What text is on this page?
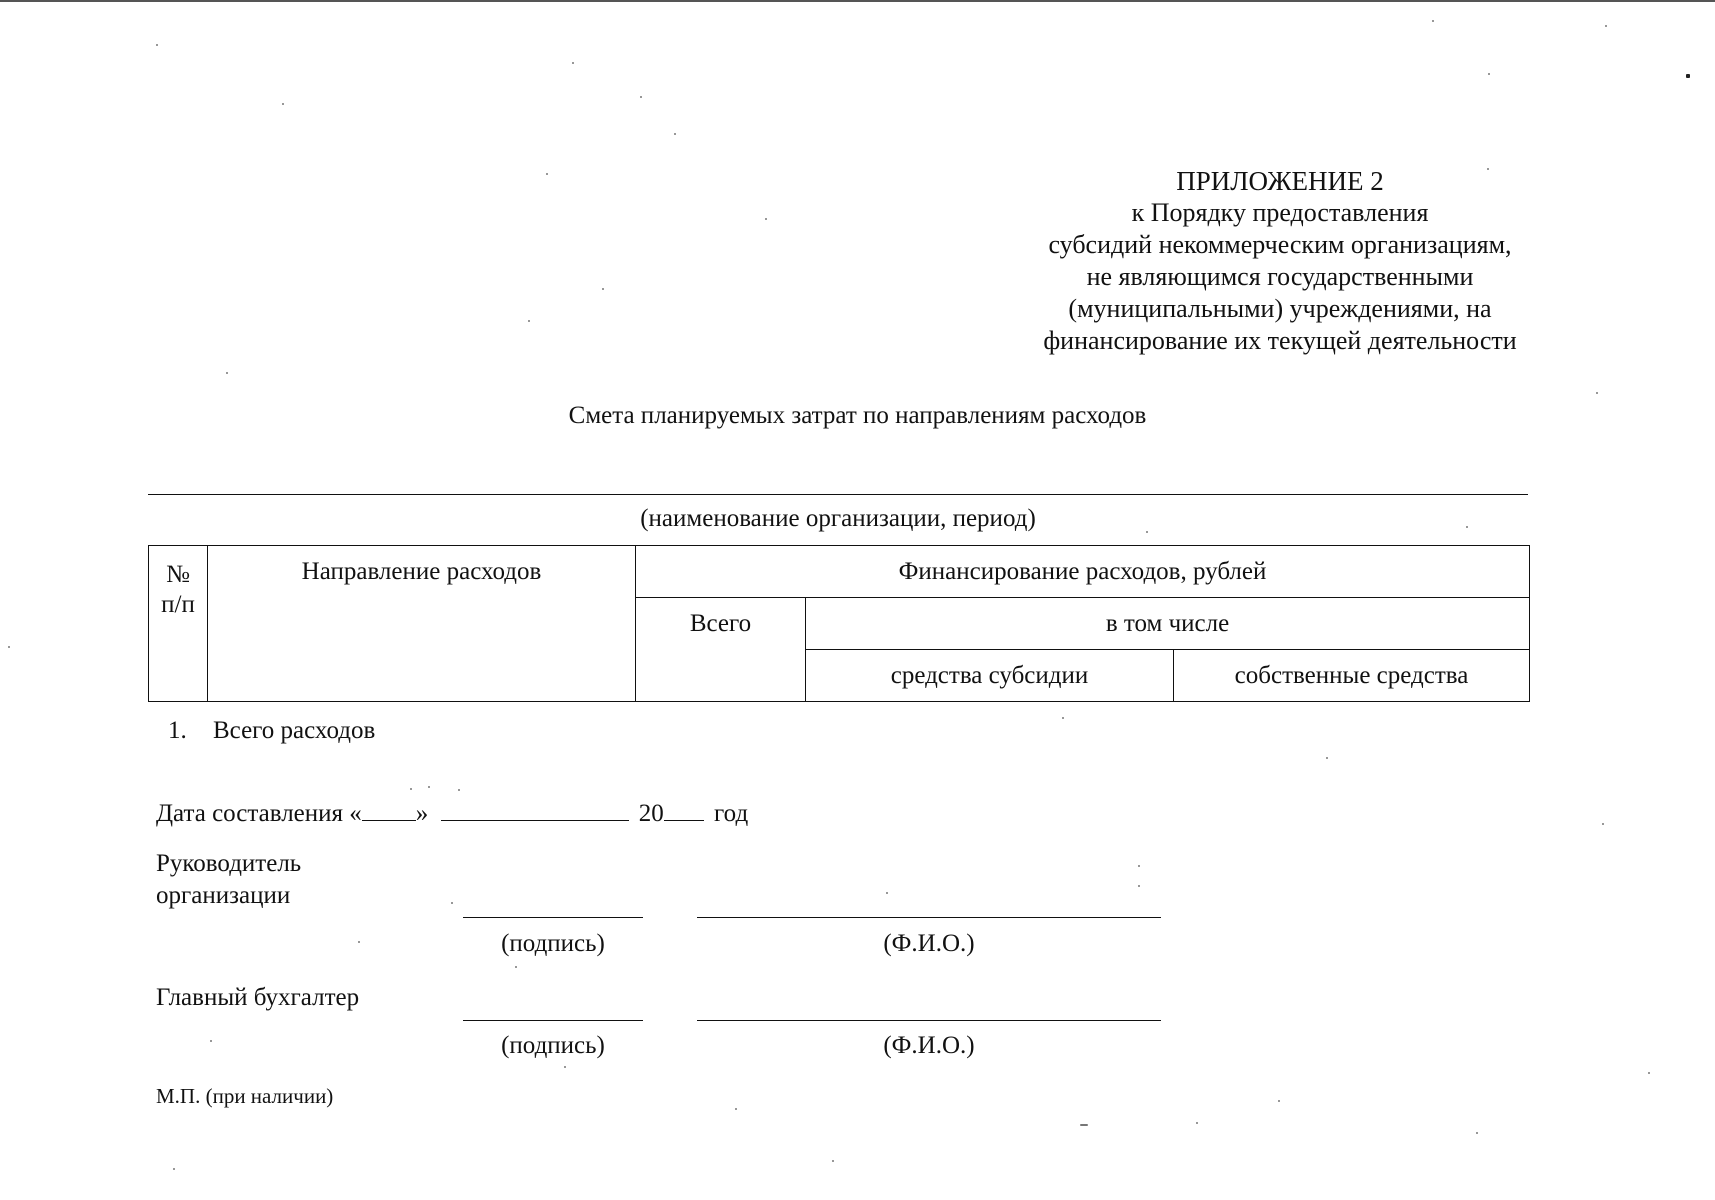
ПРИЛОЖЕНИЕ 2
к Порядку предоставления
субсидий некоммерческим организациям,
не являющимся государственными
(муниципальными) учреждениями, на
финансирование их текущей деятельности
Смета планируемых затрат по направлениям расходов
(наименование организации, период)
№
п/п	Направление расходов	Финансирование расходов, рублей		
		Всего	в том числе	
			средства субсидии	собственные средства
1. Всего расходов
Дата составления « »	20 год
Руководитель
организации
(подпись)	(Ф.И.О.)
Главный бухгалтер
(подпись)	(Ф.И.О.)
М.П. (при наличии)
